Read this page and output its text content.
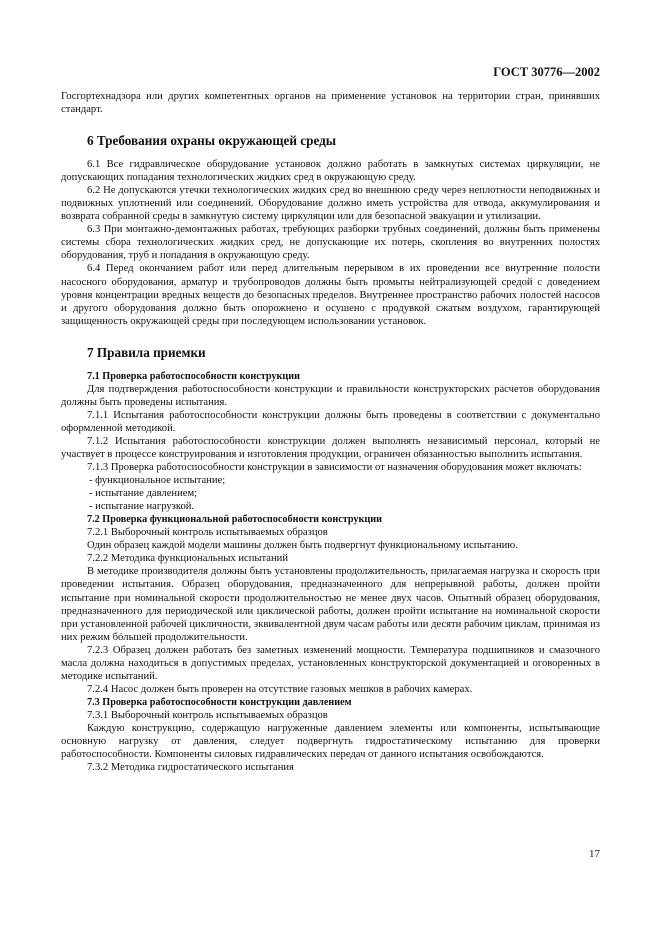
ГОСТ 30776—2002

Госгортехнадзора или других компетентных органов на применение установок на территории стран, принявших стандарт.

6 Требования охраны окружающей среды

6.1 Все гидравлическое оборудование установок должно работать в замкнутых системах циркуляции, не допускающих попадания технологических жидких сред в окружающую среду.

6.2 Не допускаются утечки технологических жидких сред во внешнюю среду через неплотности неподвижных и подвижных уплотнений или соединений. Оборудование должно иметь устройства для отвода, аккумулирования и возврата собранной среды в замкнутую систему циркуляции или для безопасной эвакуации и утилизации.

6.3 При монтажно-демонтажных работах, требующих разборки трубных соединений, должны быть применены системы сбора технологических жидких сред, не допускающие их потерь, скопления во внутренних полостях оборудования, труб и попадания в окружающую среду.

6.4 Перед окончанием работ или перед длительным перерывом в их проведении все внутренние полости насосного оборудования, арматур и трубопроводов должны быть промыты нейтрализующей средой с доведением уровня концентрации вредных веществ до безопасных пределов. Внутреннее пространство рабочих полостей насосов и другого оборудования должно быть опорожнено и осушено с продувкой сжатым воздухом, гарантирующей защищенность окружающей среды при последующем использовании установок.

7 Правила приемки

7.1 Проверка работоспособности конструкции

Для подтверждения работоспособности конструкции и правильности конструкторских расчетов оборудования должны быть проведены испытания.

7.1.1 Испытания работоспособности конструкции должны быть проведены в соответствии с документально оформленной методикой.

7.1.2 Испытания работоспособности конструкции должен выполнять независимый персонал, который не участвует в процессе конструирования и изготовления продукции, ограничен обязанностью выполнить испытания.

7.1.3 Проверка работоспособности конструкции в зависимости от назначения оборудования может включать:

- функциональное испытание;

- испытание давлением;

- испытание нагрузкой.

7.2 Проверка функциональной работоспособности конструкции

7.2.1 Выборочный контроль испытываемых образцов

Один образец каждой модели машины должен быть подвергнут функциональному испытанию.

7.2.2 Методика функциональных испытаний

В методике производителя должны быть установлены продолжительность, прилагаемая нагрузка и скорость при проведении испытания. Образец оборудования, предназначенного для непрерывной работы, должен пройти испытание при номинальной скорости продолжительностью не менее двух часов. Опытный образец оборудования, предназначенного для периодической или циклической работы, должен пройти испытание на номинальной скорости при установленной рабочей цикличности, эквивалентной двум часам работы или десяти рабочим циклам, принимая из них режим бóльшей продолжительности.

7.2.3 Образец должен работать без заметных изменений мощности. Температура подшипников и смазочного масла должна находиться в допустимых пределах, установленных конструкторской документацией и оговоренных в методике испытаний.

7.2.4 Насос должен быть проверен на отсутствие газовых мешков в рабочих камерах.

7.3 Проверка работоспособности конструкции давлением

7.3.1 Выборочный контроль испытываемых образцов

Каждую конструкцию, содержащую нагруженные давлением элементы или компоненты, испытывающие основную нагрузку от давления, следует подвергнуть гидростатическому испытанию для проверки работоспособности. Компоненты силовых гидравлических передач от данного испытания освобождаются.

7.3.2 Методика гидростатического испытания

17
